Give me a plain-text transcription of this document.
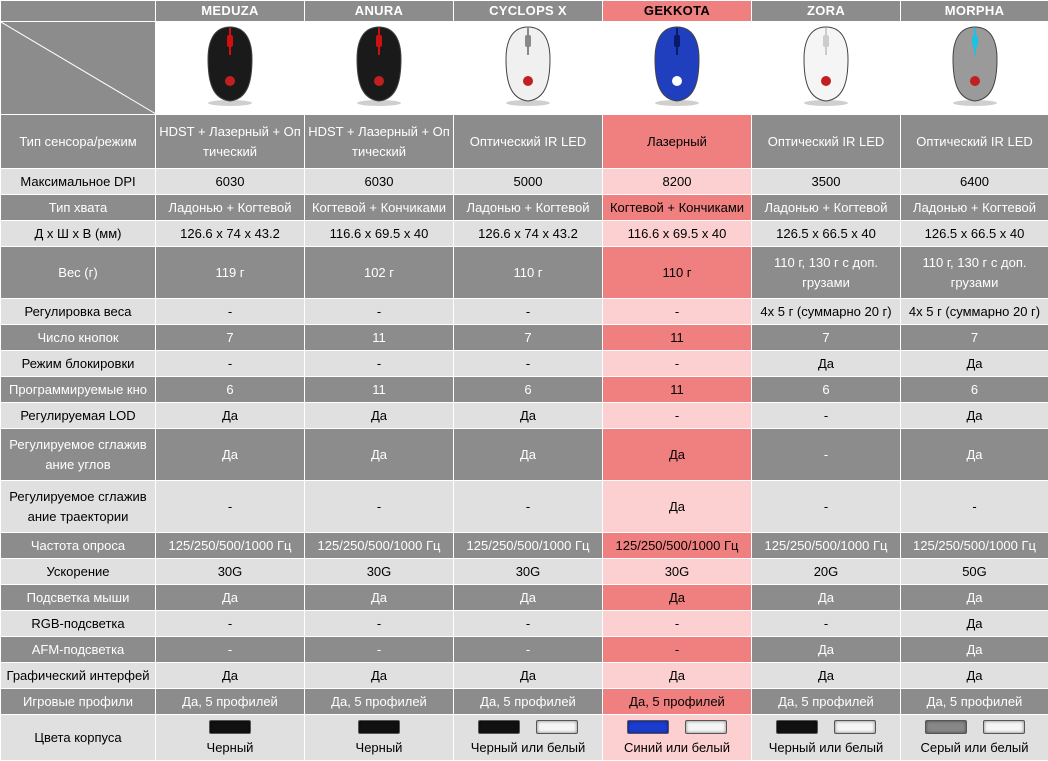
	MEDUZA	ANURA	CYCLOPS X	GEKKOTA	ZORA	MORPHA

Тип сенсора/режим	HDST + Лазерный + Оп тический	HDST + Лазерный + Оп тический	Оптический IR LED	Лазерный	Оптический IR LED	Оптический IR LED
Максимальное DPI	6030	6030	5000	8200	3500	6400
Тип хвата	Ладонью + Когтевой	Когтевой + Кончиками	Ладонью + Когтевой	Когтевой + Кончиками	Ладонью + Когтевой	Ладонью + Когтевой
Д x Ш x В (мм)	126.6 x 74 x 43.2	116.6 x 69.5 x 40	126.6 x 74 x 43.2	116.6 x 69.5 x 40	126.5 x 66.5 x 40	126.5 x 66.5 x 40
Вес (г)	119 г	102 г	110 г	110 г	110 г, 130 г с доп. грузами	110 г, 130 г с доп. грузами
Регулировка веса	-	-	-	-	4x 5 г (суммарно 20 г)	4x 5 г (суммарно 20 г)
Число кнопок	7	11	7	11	7	7
Режим блокировки	-	-	-	-	Да	Да
Программируемые кно	6	11	6	11	6	6
Регулируемая LOD	Да	Да	Да	-	-	Да
Регулируемое сглажив ание углов	Да	Да	Да	Да	-	Да
Регулируемое сглажив ание траектории	-	-	-	Да	-	-
Частота опроса	125/250/500/1000 Гц	125/250/500/1000 Гц	125/250/500/1000 Гц	125/250/500/1000 Гц	125/250/500/1000 Гц	125/250/500/1000 Гц
Ускорение	30G	30G	30G	30G	20G	50G
Подсветка мыши	Да	Да	Да	Да	Да	Да
RGB-подсветка	-	-	-	-	-	Да
AFM-подсветка	-	-	-	-	Да	Да
Графический интерфей	Да	Да	Да	Да	Да	Да
Игровые профили	Да, 5 профилей	Да, 5 профилей	Да, 5 профилей	Да, 5 профилей	Да, 5 профилей	Да, 5 профилей
Цвета корпуса	Черный	Черный	Черный или белый	Синий или белый	Черный или белый	Серый или белый
